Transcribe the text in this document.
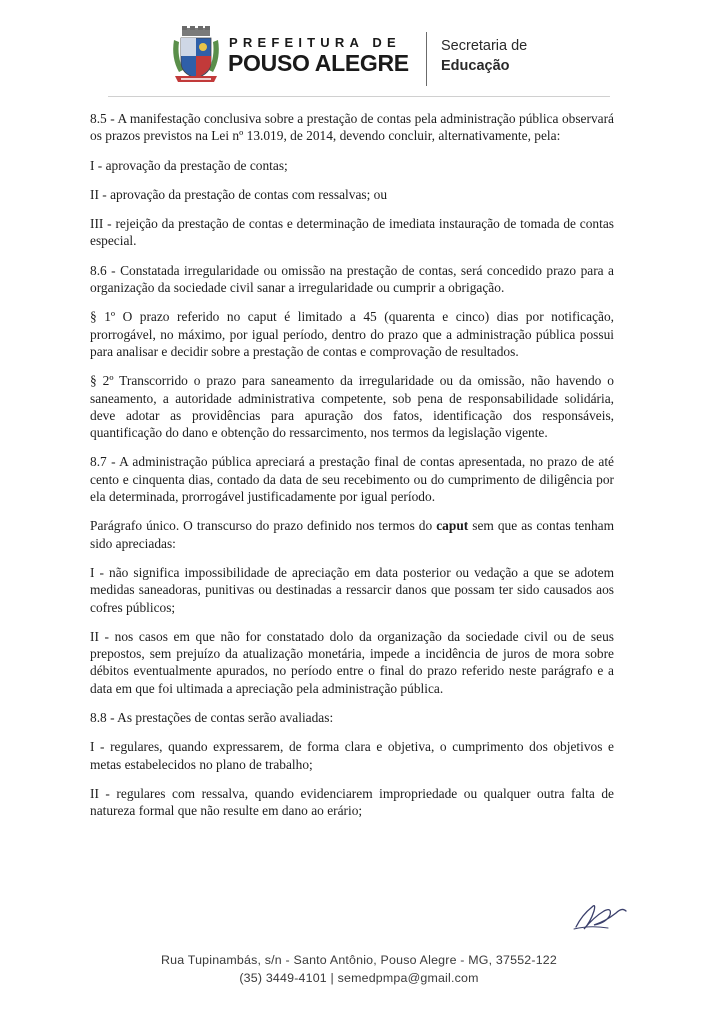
PREFEITURA DE
POUSO ALEGRE
Secretaria de
Educação

8.5 - A manifestação conclusiva sobre a prestação de contas pela administração pública observará os prazos previstos na Lei nº 13.019, de 2014, devendo concluir, alternativamente, pela:

I - aprovação da prestação de contas;

II - aprovação da prestação de contas com ressalvas; ou

III - rejeição da prestação de contas e determinação de imediata instauração de tomada de contas especial.

8.6 - Constatada irregularidade ou omissão na prestação de contas, será concedido prazo para a organização da sociedade civil sanar a irregularidade ou cumprir a obrigação.

§ 1º O prazo referido no caput é limitado a 45 (quarenta e cinco) dias por notificação, prorrogável, no máximo, por igual período, dentro do prazo que a administração pública possui para analisar e decidir sobre a prestação de contas e comprovação de resultados.

§ 2º Transcorrido o prazo para saneamento da irregularidade ou da omissão, não havendo o saneamento, a autoridade administrativa competente, sob pena de responsabilidade solidária, deve adotar as providências para apuração dos fatos, identificação dos responsáveis, quantificação do dano e obtenção do ressarcimento, nos termos da legislação vigente.

8.7 - A administração pública apreciará a prestação final de contas apresentada, no prazo de até cento e cinquenta dias, contado da data de seu recebimento ou do cumprimento de diligência por ela determinada, prorrogável justificadamente por igual período.

Parágrafo único. O transcurso do prazo definido nos termos do caput sem que as contas tenham sido apreciadas:

I - não significa impossibilidade de apreciação em data posterior ou vedação a que se adotem medidas saneadoras, punitivas ou destinadas a ressarcir danos que possam ter sido causados aos cofres públicos;

II - nos casos em que não for constatado dolo da organização da sociedade civil ou de seus prepostos, sem prejuízo da atualização monetária, impede a incidência de juros de mora sobre débitos eventualmente apurados, no período entre o final do prazo referido neste parágrafo e a data em que foi ultimada a apreciação pela administração pública.

8.8 - As prestações de contas serão avaliadas:

I - regulares, quando expressarem, de forma clara e objetiva, o cumprimento dos objetivos e metas estabelecidos no plano de trabalho;

II - regulares com ressalva, quando evidenciarem impropriedade ou qualquer outra falta de natureza formal que não resulte em dano ao erário;

Rua Tupinambás, s/n - Santo Antônio, Pouso Alegre - MG, 37552-122
(35) 3449-4101 | semedpmpa@gmail.com
